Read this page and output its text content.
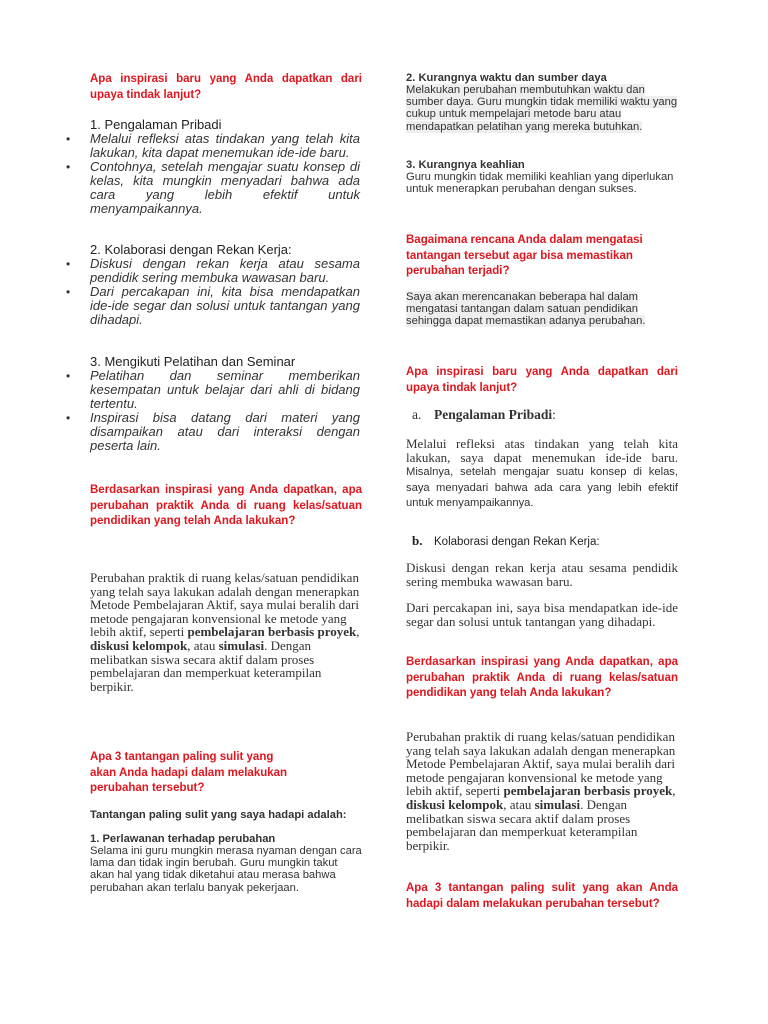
Apa inspirasi baru yang Anda dapatkan dari upaya tindak lanjut?
1. Pengalaman Pribadi
• Melalui refleksi atas tindakan yang telah kita lakukan, kita dapat menemukan ide-ide baru.
• Contohnya, setelah mengajar suatu konsep di kelas, kita mungkin menyadari bahwa ada cara yang lebih efektif untuk menyampaikannya.
2. Kolaborasi dengan Rekan Kerja:
• Diskusi dengan rekan kerja atau sesama pendidik sering membuka wawasan baru.
• Dari percakapan ini, kita bisa mendapatkan ide-ide segar dan solusi untuk tantangan yang dihadapi.
3. Mengikuti Pelatihan dan Seminar
• Pelatihan dan seminar memberikan kesempatan untuk belajar dari ahli di bidang tertentu.
• Inspirasi bisa datang dari materi yang disampaikan atau dari interaksi dengan peserta lain.
Berdasarkan inspirasi yang Anda dapatkan, apa perubahan praktik Anda di ruang kelas/satuan pendidikan yang telah Anda lakukan?
Perubahan praktik di ruang kelas/satuan pendidikan yang telah saya lakukan adalah dengan menerapkan Metode Pembelajaran Aktif, saya mulai beralih dari metode pengajaran konvensional ke metode yang lebih aktif, seperti pembelajaran berbasis proyek, diskusi kelompok, atau simulasi. Dengan melibatkan siswa secara aktif dalam proses pembelajaran dan memperkuat keterampilan berpikir.
Apa 3 tantangan paling sulit yang akan Anda hadapi dalam melakukan perubahan tersebut?
Tantangan paling sulit yang saya hadapi adalah:
1. Perlawanan terhadap perubahan
Selama ini guru mungkin merasa nyaman dengan cara lama dan tidak ingin berubah. Guru mungkin takut akan hal yang tidak diketahui atau merasa bahwa perubahan akan terlalu banyak pekerjaan.
2. Kurangnya waktu dan sumber daya
Melakukan perubahan membutuhkan waktu dan sumber daya. Guru mungkin tidak memiliki waktu yang cukup untuk mempelajari metode baru atau mendapatkan pelatihan yang mereka butuhkan.
3. Kurangnya keahlian
Guru mungkin tidak memiliki keahlian yang diperlukan untuk menerapkan perubahan dengan sukses.
Bagaimana rencana Anda dalam mengatasi tantangan tersebut agar bisa memastikan perubahan terjadi?
Saya akan merencanakan beberapa hal dalam mengatasi tantangan dalam satuan pendidikan sehingga dapat memastikan adanya perubahan.
Apa inspirasi baru yang Anda dapatkan dari upaya tindak lanjut?
a. Pengalaman Pribadi:
Melalui refleksi atas tindakan yang telah kita lakukan, saya dapat menemukan ide-ide baru. Misalnya, setelah mengajar suatu konsep di kelas, saya menyadari bahwa ada cara yang lebih efektif untuk menyampaikannya.
b. Kolaborasi dengan Rekan Kerja:
Diskusi dengan rekan kerja atau sesama pendidik sering membuka wawasan baru.
Dari percakapan ini, saya bisa mendapatkan ide-ide segar dan solusi untuk tantangan yang dihadapi.
Berdasarkan inspirasi yang Anda dapatkan, apa perubahan praktik Anda di ruang kelas/satuan pendidikan yang telah Anda lakukan?
Perubahan praktik di ruang kelas/satuan pendidikan yang telah saya lakukan adalah dengan menerapkan Metode Pembelajaran Aktif, saya mulai beralih dari metode pengajaran konvensional ke metode yang lebih aktif, seperti pembelajaran berbasis proyek, diskusi kelompok, atau simulasi. Dengan melibatkan siswa secara aktif dalam proses pembelajaran dan memperkuat keterampilan berpikir.
Apa 3 tantangan paling sulit yang akan Anda hadapi dalam melakukan perubahan tersebut?
